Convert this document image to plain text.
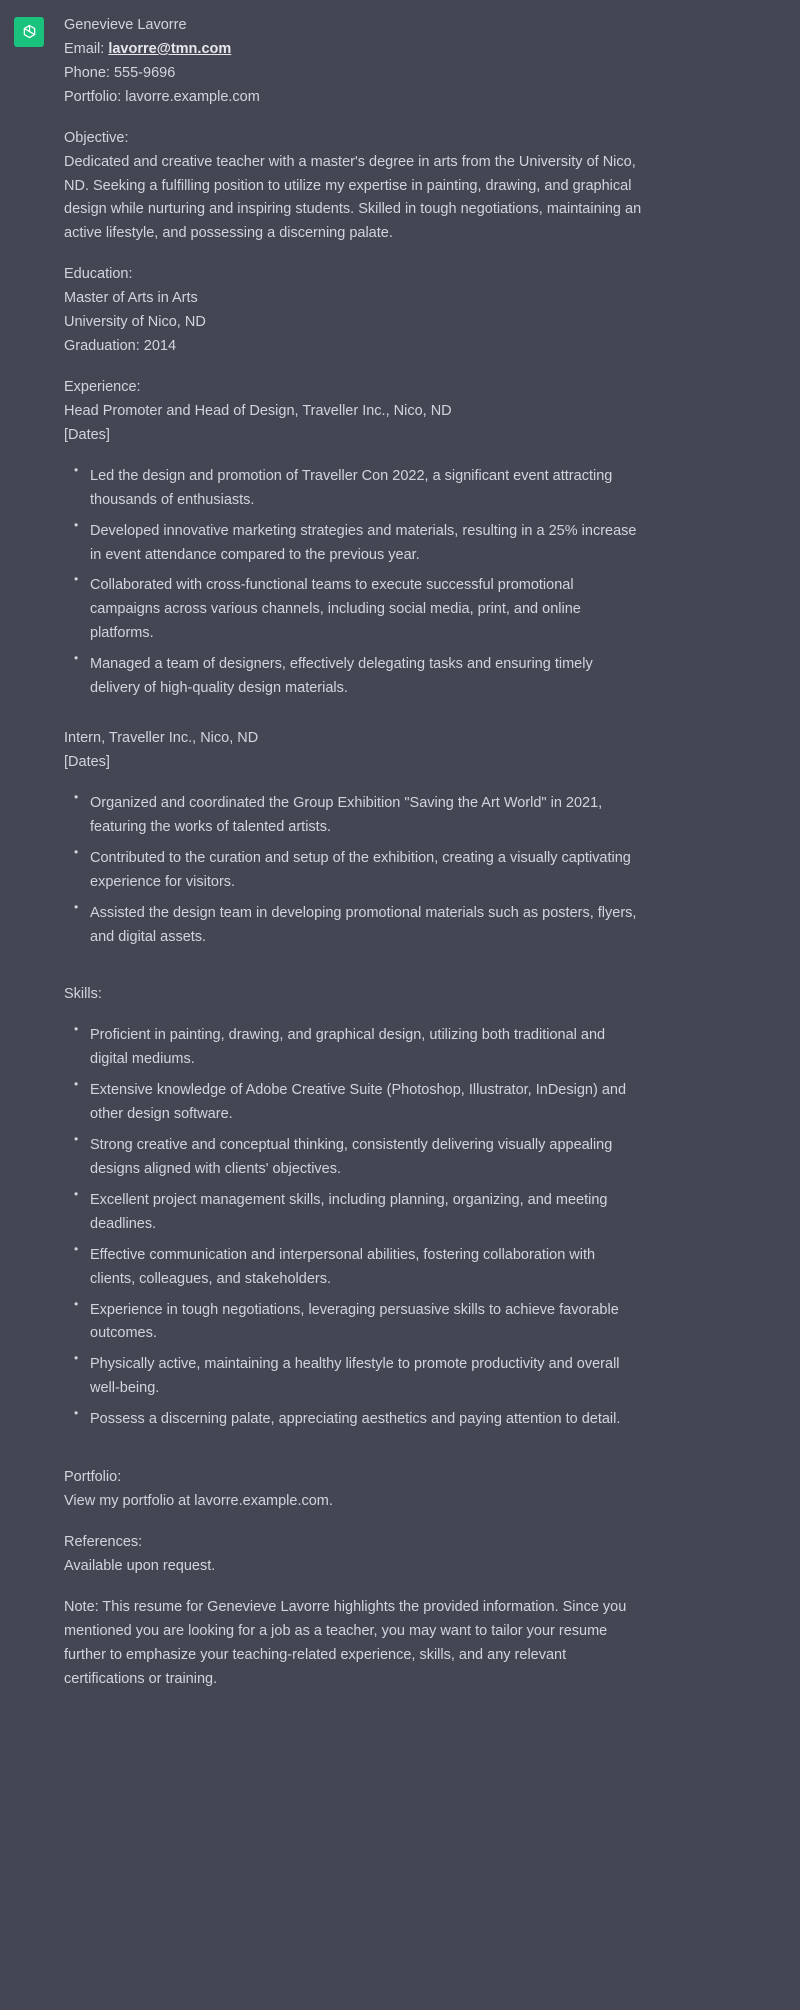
Genevieve Lavorre

Email: lavorre@tmn.com

Phone: 555-9696

Portfolio: lavorre.example.com

Objective:

Dedicated and creative teacher with a master's degree in arts from the University of Nico, ND. Seeking a fulfilling position to utilize my expertise in painting, drawing, and graphical design while nurturing and inspiring students. Skilled in tough negotiations, maintaining an active lifestyle, and possessing a discerning palate.

Education:

Master of Arts in Arts

University of Nico, ND

Graduation: 2014

Experience:

Head Promoter and Head of Design, Traveller Inc., Nico, ND

[Dates]

• Led the design and promotion of Traveller Con 2022, a significant event attracting thousands of enthusiasts.
• Developed innovative marketing strategies and materials, resulting in a 25% increase in event attendance compared to the previous year.
• Collaborated with cross-functional teams to execute successful promotional campaigns across various channels, including social media, print, and online platforms.
• Managed a team of designers, effectively delegating tasks and ensuring timely delivery of high-quality design materials.

Intern, Traveller Inc., Nico, ND

[Dates]

• Organized and coordinated the Group Exhibition "Saving the Art World" in 2021, featuring the works of talented artists.
• Contributed to the curation and setup of the exhibition, creating a visually captivating experience for visitors.
• Assisted the design team in developing promotional materials such as posters, flyers, and digital assets.

Skills:

• Proficient in painting, drawing, and graphical design, utilizing both traditional and digital mediums.
• Extensive knowledge of Adobe Creative Suite (Photoshop, Illustrator, InDesign) and other design software.
• Strong creative and conceptual thinking, consistently delivering visually appealing designs aligned with clients' objectives.
• Excellent project management skills, including planning, organizing, and meeting deadlines.
• Effective communication and interpersonal abilities, fostering collaboration with clients, colleagues, and stakeholders.
• Experience in tough negotiations, leveraging persuasive skills to achieve favorable outcomes.
• Physically active, maintaining a healthy lifestyle to promote productivity and overall well-being.
• Possess a discerning palate, appreciating aesthetics and paying attention to detail.

Portfolio:

View my portfolio at lavorre.example.com.

References:

Available upon request.

Note: This resume for Genevieve Lavorre highlights the provided information. Since you mentioned you are looking for a job as a teacher, you may want to tailor your resume further to emphasize your teaching-related experience, skills, and any relevant certifications or training.
